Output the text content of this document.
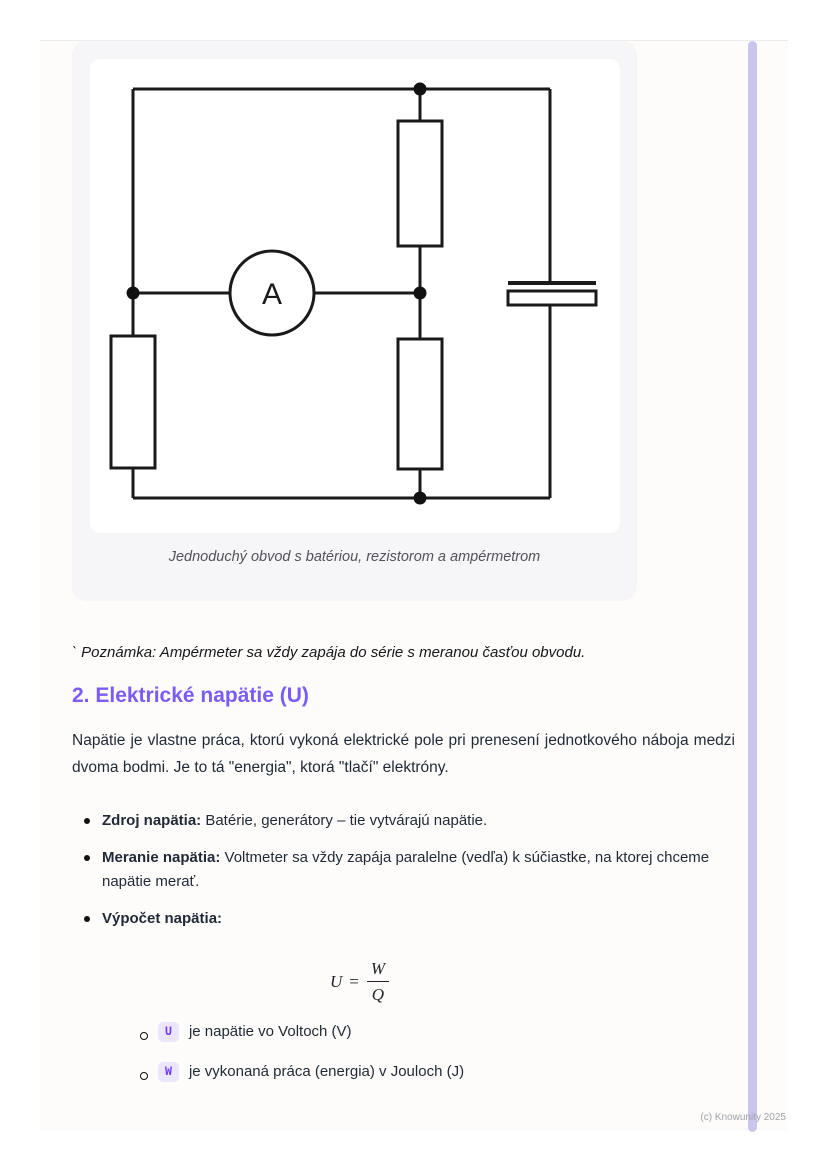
A
Jednoduchý obvod s batériou, rezistorom a ampérmetrom

` Poznámka: Ampérmeter sa vždy zapája do série s meranou časťou obvodu.

2. Elektrické napätie (U)

Napätie je vlastne práca, ktorú vykoná elektrické pole pri prenesení jednotkového náboja medzi dvoma bodmi. Je to tá "energia", ktorá "tlačí" elektróny.

Zdroj napätia: Batérie, generátory – tie vytvárajú napätie.
Meranie napätia: Voltmeter sa vždy zapája paralelne (vedľa) k súčiastke, na ktorej chceme napätie merať.
Výpočet napätia:
$U = \frac{W}{Q}$
U	je napätie vo Voltoch (V)
W	je vykonaná práca (energia) v Jouloch (J)
(c) Knowunity 2025
